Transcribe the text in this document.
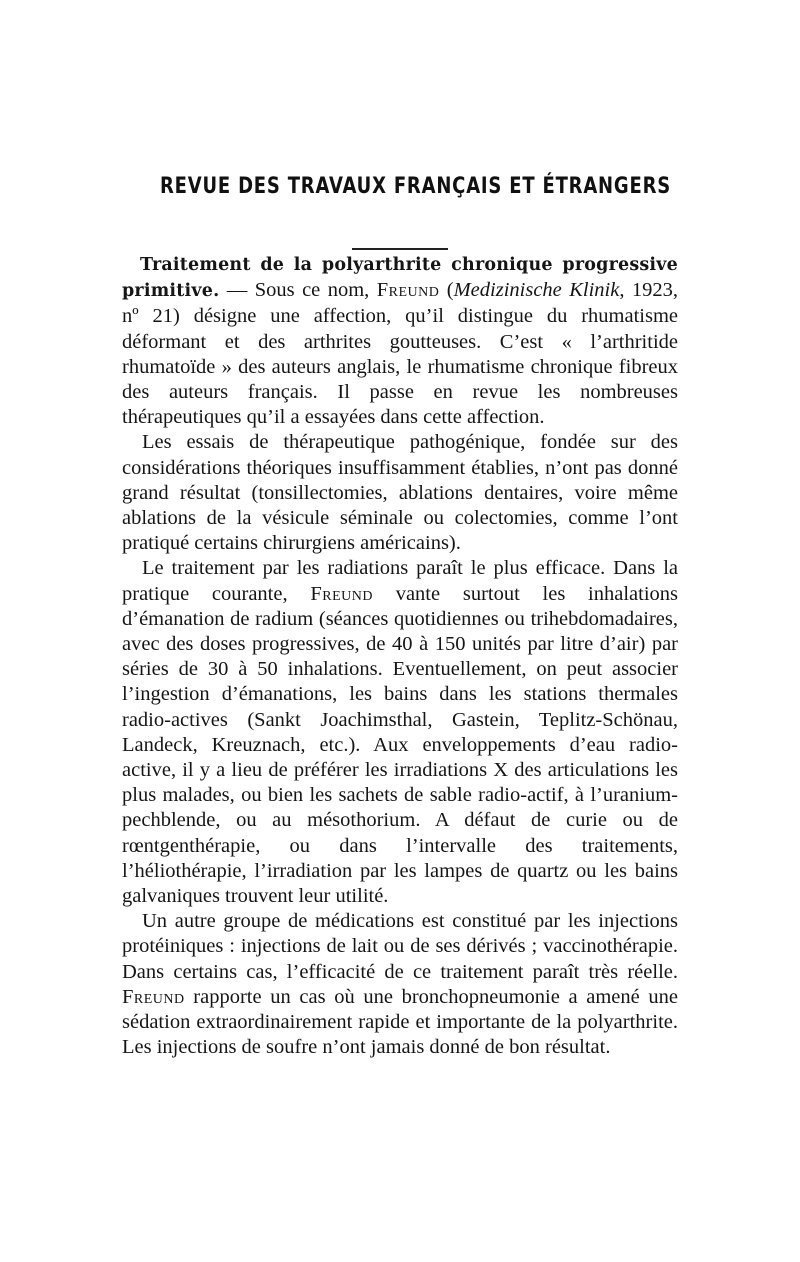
REVUE DES TRAVAUX FRANÇAIS ET ÉTRANGERS

Traitement de la polyarthrite chronique progressive primitive. — Sous ce nom, Freund (Medizinische Klinik, 1923, nº 21) désigne une affection, qu’il distingue du rhumatisme déformant et des arthrites goutteuses. C’est « l’arthritide rhumatoïde » des auteurs anglais, le rhumatisme chronique fibreux des auteurs français. Il passe en revue les nombreuses thérapeutiques qu’il a essayées dans cette affection.

Les essais de thérapeutique pathogénique, fondée sur des considérations théoriques insuffisamment établies, n’ont pas donné grand résultat (tonsillectomies, ablations dentaires, voire même ablations de la vésicule séminale ou colectomies, comme l’ont pratiqué certains chirurgiens américains).

Le traitement par les radiations paraît le plus efficace. Dans la pratique courante, Freund vante surtout les inhalations d’émanation de radium (séances quotidiennes ou trihebdomadaires, avec des doses progressives, de 40 à 150 unités par litre d’air) par séries de 30 à 50 inhalations. Eventuellement, on peut associer l’ingestion d’émanations, les bains dans les stations thermales radio-actives (Sankt Joachimsthal, Gastein, Teplitz-Schönau, Landeck, Kreuznach, etc.). Aux enveloppements d’eau radio-active, il y a lieu de préférer les irradiations X des articulations les plus malades, ou bien les sachets de sable radio-actif, à l’uranium-pechblende, ou au mésothorium. A défaut de curie ou de rœntgenthérapie, ou dans l’intervalle des traitements, l’héliothérapie, l’irradiation par les lampes de quartz ou les bains galvaniques trouvent leur utilité.

Un autre groupe de médications est constitué par les injections protéiniques : injections de lait ou de ses dérivés ; vaccinothérapie. Dans certains cas, l’efficacité de ce traitement paraît très réelle. Freund rapporte un cas où une bronchopneumonie a amené une sédation extraordinairement rapide et importante de la polyarthrite. Les injections de soufre n’ont jamais donné de bon résultat.
